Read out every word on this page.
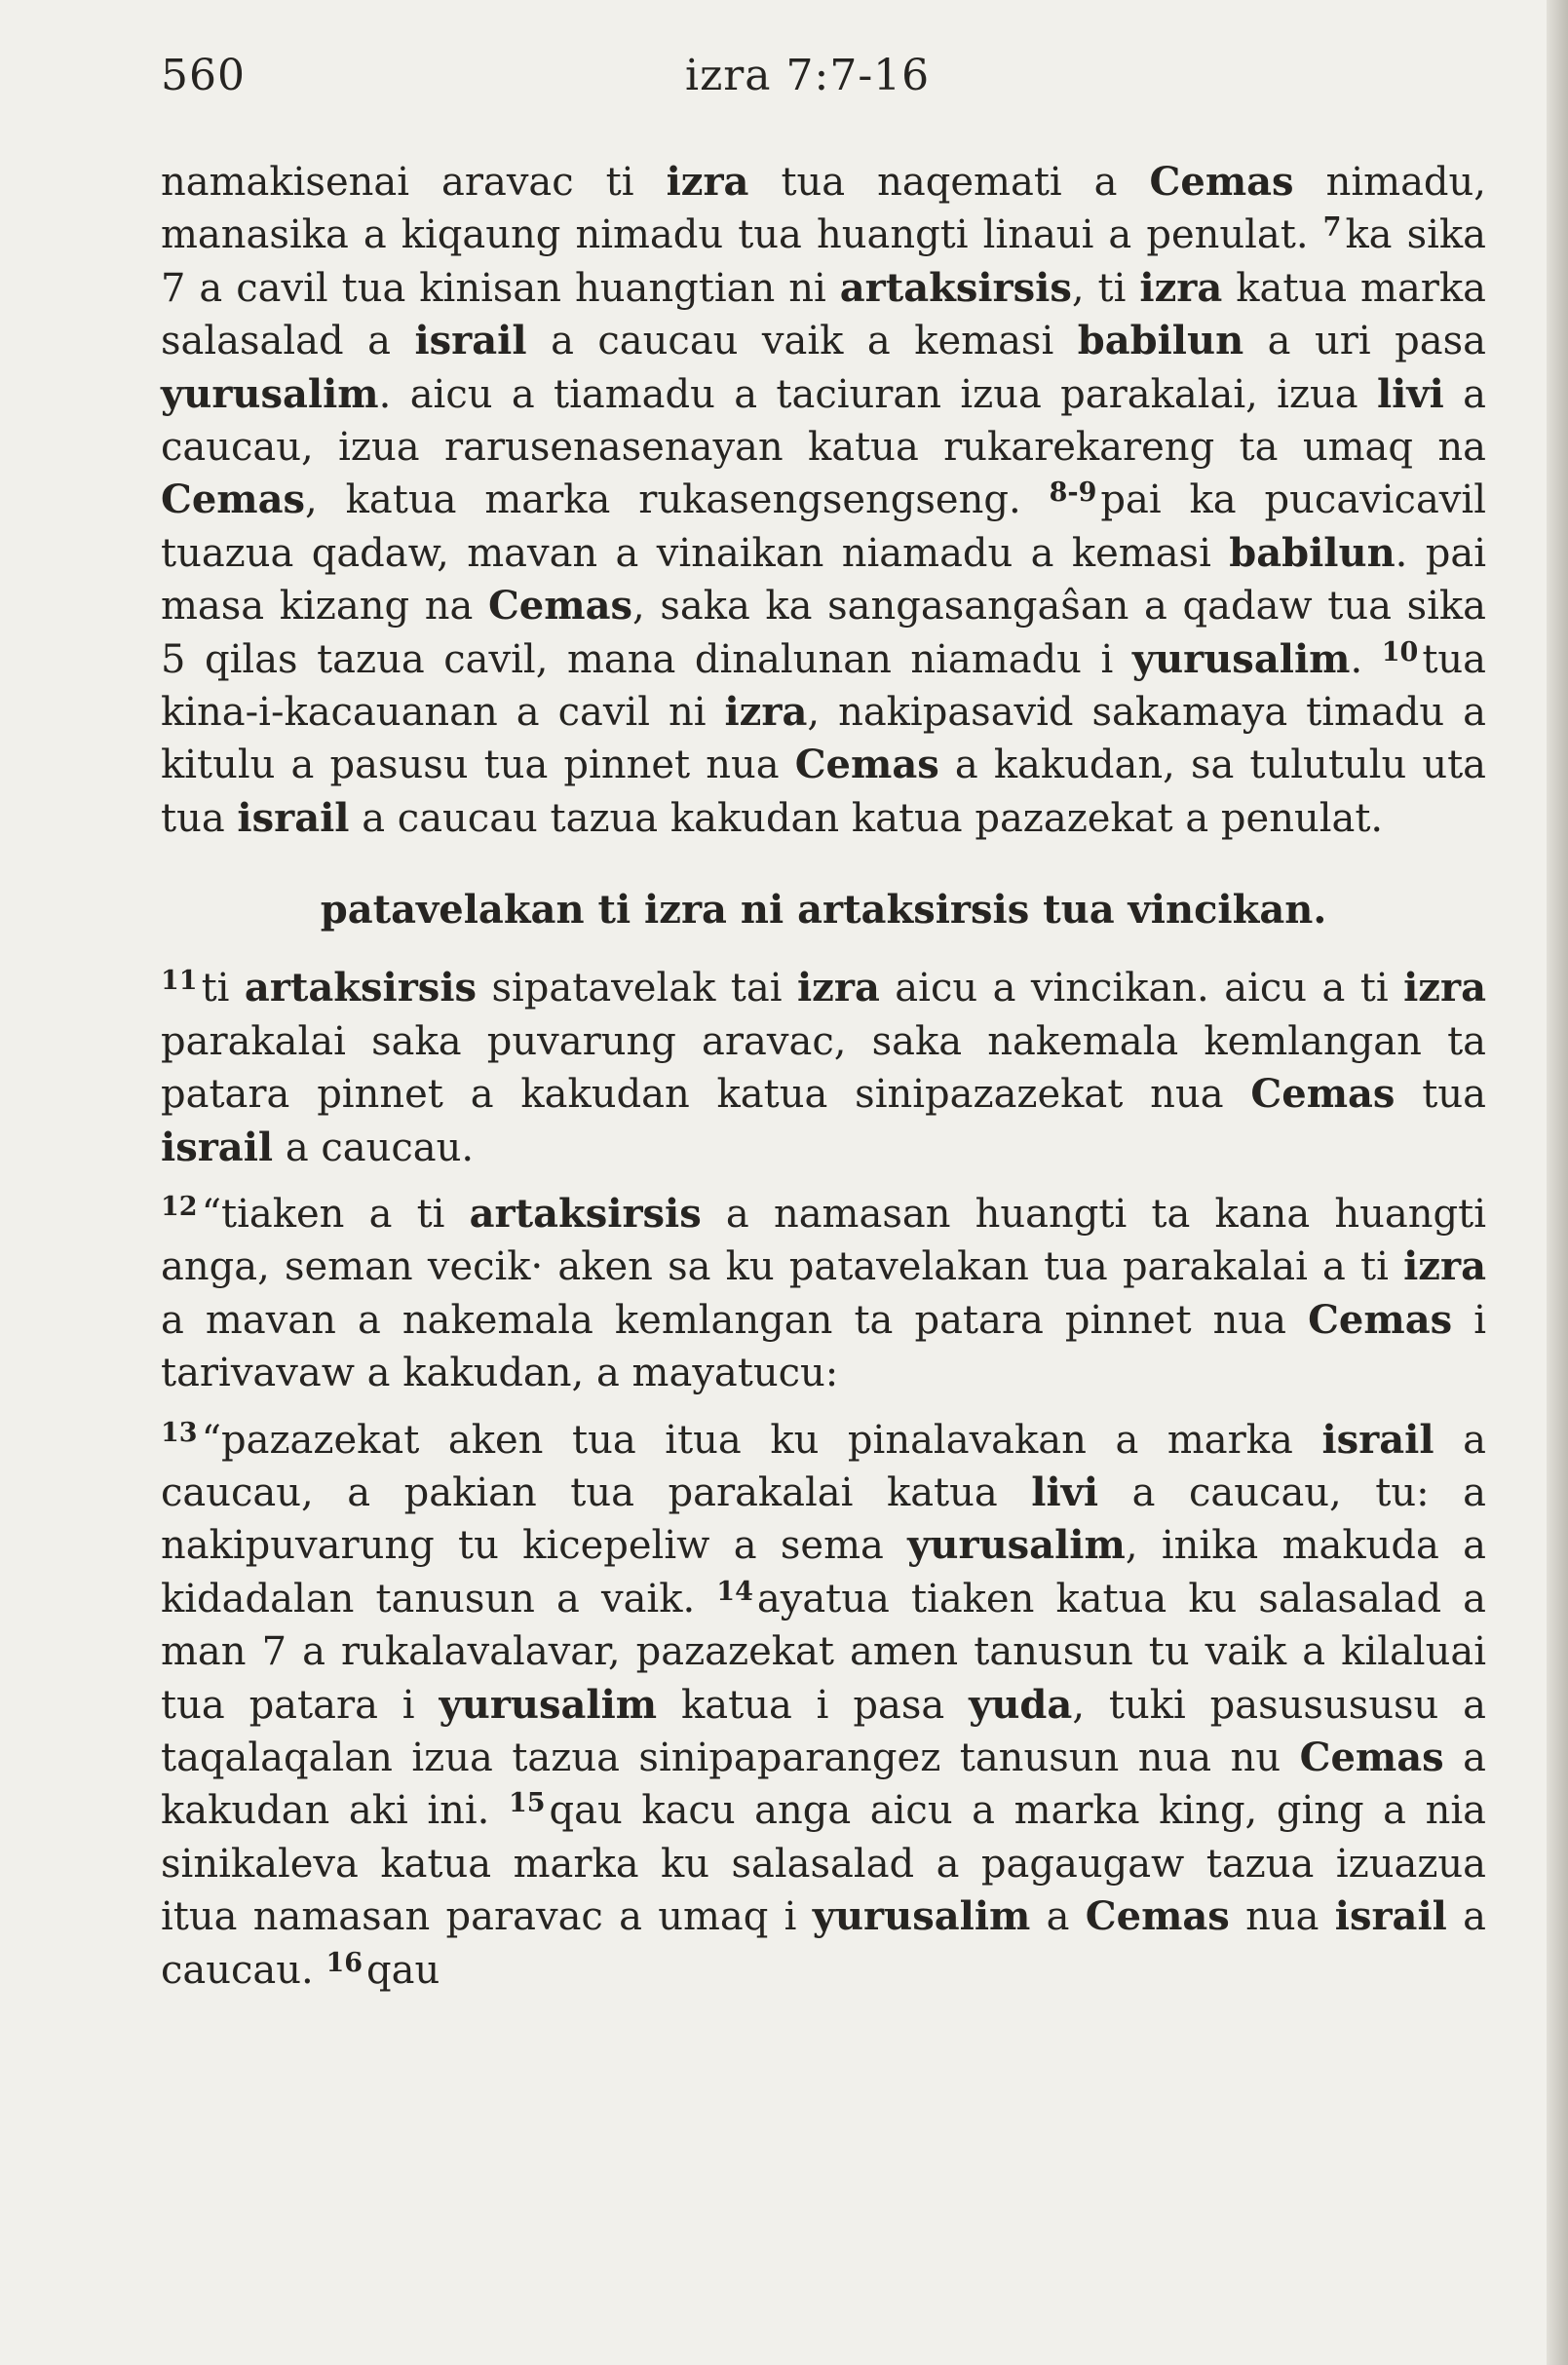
560	izra 7:7-16

namakisenai aravac ti izra tua naqemati a Cemas nimadu, manasika a kiqaung nimadu tua huangti linaui a penulat. $^7$ ka sika 7 a cavil tua kinisan huangtian ni artaksirsis, ti izra katua marka salasalad a israil a caucau vaik a kemasi babilun a uri pasa yurusalim. aicu a tiamadu a taciuran izua parakalai, izua livi a caucau, izua rarusenasenayan katua rukarekareng ta umaq na Cemas, katua marka rukasengsengseng. $^{8-9}$ pai ka pucavicavil tuazua qadaw, mavan a vinaikan niamadu a kemasi babilun. pai masa kizang na Cemas, saka ka sangasangaŝan a qadaw tua sika 5 qilas tazua cavil, mana dinalunan niamadu i yurusalim. $^{10}$ tua kina-i-kacauanan a cavil ni izra, nakipasavid sakamaya timadu a kitulu a pasusu tua pinnet nua Cemas a kakudan, sa tulutulu uta tua israil a caucau tazua kakudan katua pazazekat a penulat.

patavelakan ti izra ni artaksirsis tua vincikan.

$^{11}$ ti artaksirsis sipatavelak tai izra aicu a vincikan. aicu a ti izra parakalai saka puvarung aravac, saka nakemala kemlangan ta patara pinnet a kakudan katua sinipazazekat nua Cemas tua israil a caucau.

$^{12}$ “tiaken a ti artaksirsis a namasan huangti ta kana huangti anga, seman vecik· aken sa ku patavelakan tua parakalai a ti izra a mavan a nakemala kemlangan ta patara pinnet nua Cemas i tarivavaw a kakudan, a mayatucu:

$^{13}$ “pazazekat aken tua itua ku pinalavakan a marka israil a caucau, a pakian tua parakalai katua livi a caucau, tu: a nakipuvarung tu kicepeliw a sema yurusalim, inika makuda a kidadalan tanusun a vaik. $^{14}$ ayatua tiaken katua ku salasalad a man 7 a rukalavalavar, pazazekat amen tanusun tu vaik a kilaluai tua patara i yurusalim katua i pasa yuda, tuki pasusususu a taqalaqalan izua tazua sinipaparangez tanusun nua nu Cemas a kakudan aki ini. $^{15}$ qau kacu anga aicu a marka king, ging a nia sinikaleva katua marka ku salasalad a pagaugaw tazua izuazua itua namasan paravac a umaq i yurusalim a Cemas nua israil a caucau. $^{16}$ qau
